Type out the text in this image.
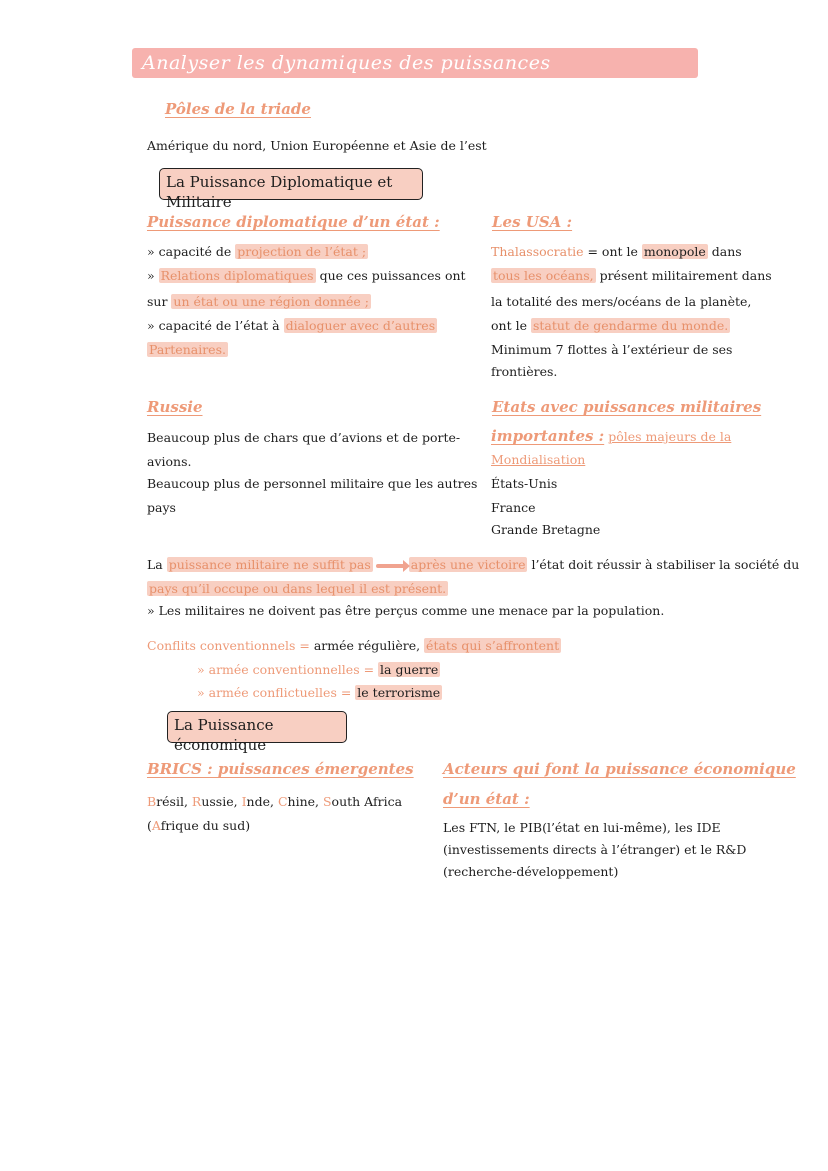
Analyser les dynamiques des puissances internationales :
Pôles de la triade
Amérique du nord, Union Européenne et Asie de l’est
La Puissance Diplomatique et Militaire
Puissance diplomatique d’un état :
» capacité de projection de l’état ;
» Relations diplomatiques que ces puissances ont
sur un état ou une région donnée ;
» capacité de l’état à dialoguer avec d’autres
Partenaires.
Les USA :
Thalassocratie = ont le monopole dans
tous les océans, présent militairement dans
la totalité des mers/océans de la planète,
ont le statut de gendarme du monde.
Minimum 7 flottes à l’extérieur de ses
frontières.
Russie
Beaucoup plus de chars que d’avions et de porte-
avions.
Beaucoup plus de personnel militaire que les autres
pays
Etats avec puissances militaires
importantes : pôles majeurs de la
Mondialisation
États-Unis
France
Grande Bretagne
La puissance militaire ne suffit pas	après une victoire l’état doit réussir à stabiliser la société du
pays qu’il occupe ou dans lequel il est présent.
» Les militaires ne doivent pas être perçus comme une menace par la population.
Conflits conventionnels = armée régulière, états qui s’affrontent
» armée conventionnelles = la guerre
» armée conflictuelles = le terrorisme
La Puissance économique
BRICS : puissances émergentes
Brésil, Russie, Inde, Chine, South Africa
(Afrique du sud)
Acteurs qui font la puissance économique
d’un état :
Les FTN, le PIB(l’état en lui-même), les IDE
(investissements directs à l’étranger) et le R&D
(recherche-développement)
